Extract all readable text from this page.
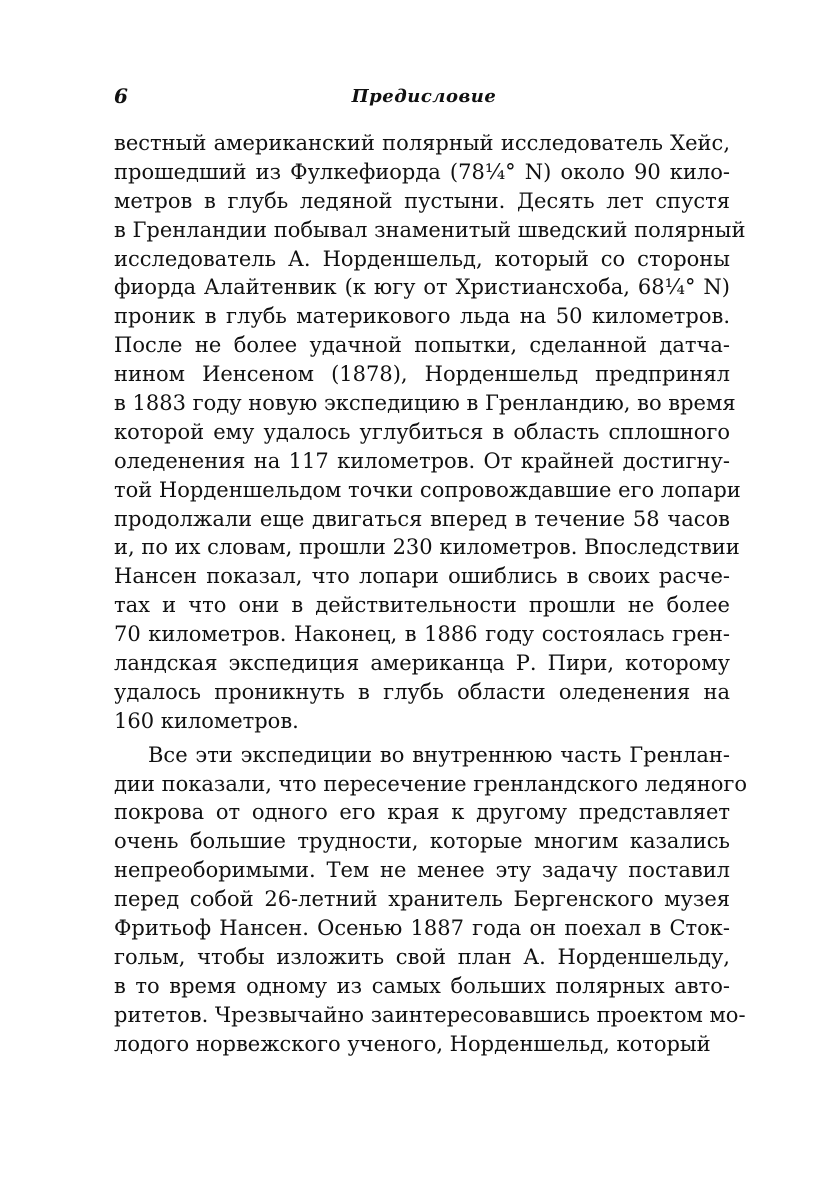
6	Предисловие
вестный американский полярный исследователь Хейс,
прошедший из Фулкефиорда (78¼° N) около 90 кило-
метров в глубь ледяной пустыни. Десять лет спустя
в Гренландии побывал знаменитый шведский полярный
исследователь А. Норденшельд, который со стороны
фиорда Алайтенвик (к югу от Христиансхоба, 68¼° N)
проник в глубь материкового льда на 50 километров.
После не более удачной попытки, сделанной датча-
нином Иенсеном (1878), Норденшельд предпринял
в 1883 году новую экспедицию в Гренландию, во время
которой ему удалось углубиться в область сплошного
оледенения на 117 километров. От крайней достигну-
той Норденшельдом точки сопровождавшие его лопари
продолжали еще двигаться вперед в течение 58 часов
и, по их словам, прошли 230 километров. Впоследствии
Нансен показал, что лопари ошиблись в своих расче-
тах и что они в действительности прошли не более
70 километров. Наконец, в 1886 году состоялась грен-
ландская экспедиция американца Р. Пири, которому
удалось проникнуть в глубь области оледенения на
160 километров.
Все эти экспедиции во внутреннюю часть Гренлан-
дии показали, что пересечение гренландского ледяного
покрова от одного его края к другому представляет
очень большие трудности, которые многим казались
непреоборимыми. Тем не менее эту задачу поставил
перед собой 26-летний хранитель Бергенского музея
Фритьоф Нансен. Осенью 1887 года он поехал в Сток-
гольм, чтобы изложить свой план А. Норденшельду,
в то время одному из самых больших полярных авто-
ритетов. Чрезвычайно заинтересовавшись проектом мо-
лодого норвежского ученого, Норденшельд, который
